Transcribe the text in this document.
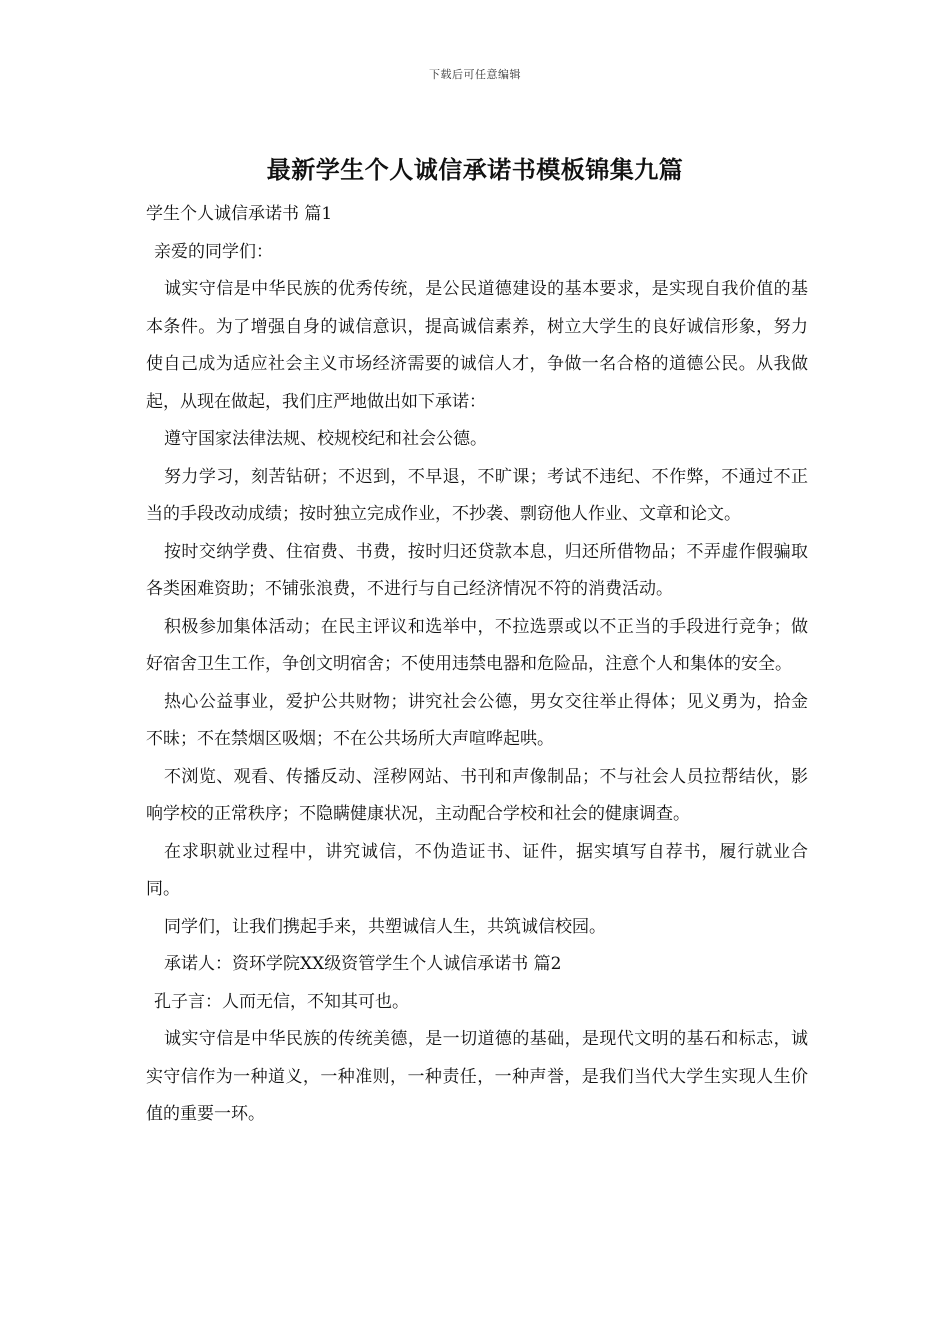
下载后可任意编辑
最新学生个人诚信承诺书模板锦集九篇
学生个人诚信承诺书 篇1
亲爱的同学们：

诚实守信是中华民族的优秀传统，是公民道德建设的基本要求，是实现自我价值的基本条件。为了增强自身的诚信意识，提高诚信素养，树立大学生的良好诚信形象，努力使自己成为适应社会主义市场经济需要的诚信人才，争做一名合格的道德公民。从我做起，从现在做起，我们庄严地做出如下承诺：

遵守国家法律法规、校规校纪和社会公德。

努力学习，刻苦钻研；不迟到，不早退，不旷课；考试不违纪、不作弊，不通过不正当的手段改动成绩；按时独立完成作业，不抄袭、剽窃他人作业、文章和论文。

按时交纳学费、住宿费、书费，按时归还贷款本息，归还所借物品；不弄虚作假骗取各类困难资助；不铺张浪费，不进行与自己经济情况不符的消费活动。

积极参加集体活动；在民主评议和选举中，不拉选票或以不正当的手段进行竞争；做好宿舍卫生工作，争创文明宿舍；不使用违禁电器和危险品，注意个人和集体的安全。

热心公益事业，爱护公共财物；讲究社会公德，男女交往举止得体；见义勇为，拾金不昧；不在禁烟区吸烟；不在公共场所大声喧哗起哄。

不浏览、观看、传播反动、淫秽网站、书刊和声像制品；不与社会人员拉帮结伙，影响学校的正常秩序；不隐瞒健康状况，主动配合学校和社会的健康调查。

在求职就业过程中，讲究诚信，不伪造证书、证件，据实填写自荐书，履行就业合同。

同学们，让我们携起手来，共塑诚信人生，共筑诚信校园。

承诺人：资环学院XX级资管学生个人诚信承诺书 篇2

孔子言：人而无信，不知其可也。

诚实守信是中华民族的传统美德，是一切道德的基础，是现代文明的基石和标志，诚实守信作为一种道义，一种准则，一种责任，一种声誉，是我们当代大学生实现人生价值的重要一环。
